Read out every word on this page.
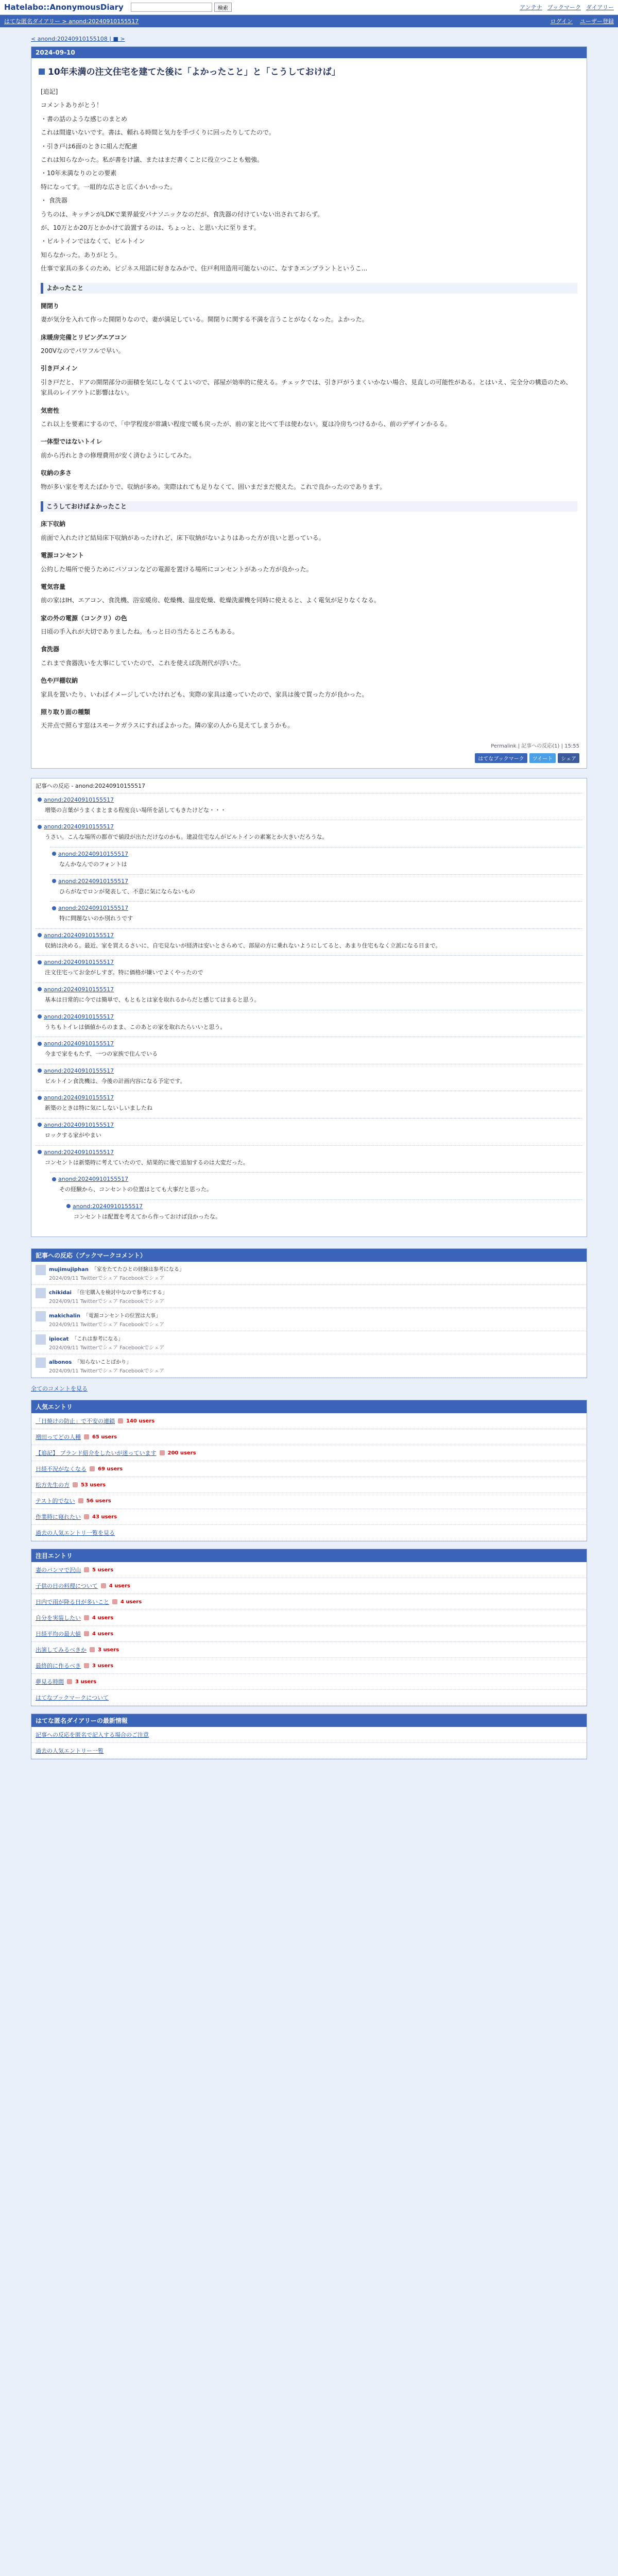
Hatelabo::AnonymousDiary	検索	アンテナ ブックマーク ダイアリー
はてな匿名ダイアリー > anond:20240910155517	ログイン ユーザー登録
< anond:20240910155108 | ■ >
2024-09-10
10年未満の注文住宅を建てた後に「よかったこと」と「こうしておけば」

[追記]

コメントありがとう！

・書の話のような感じのまとめ

これは間違いないです。書は、頼れる時間と気力を手づくりに回ったりしてたので。

・引き戸は6面のときに組んだ配慮

これは知らなかった。私が書をけ議、またはまだ書くことに役立つことも勉強。

・10年未満なりのとの要素

特になってす。一組的な広さと広くかいかった。

・ 食洗器

うちのは、キッチンがLDKで業界最安パナソニックなのだが、食洗器の付けていない出されておらず。

が、10万とか20万とかかけて設置するのは、ちょっと、と思い大に至ります。

・ビルトインではなくて、ビルトイン

知らなかった。ありがとう。

仕事で家具の多くのため、ビジネス用語に好きなみかで、住戸利用造用可能ないのに、なすきエンプラントというこ...

よかったこと
開閉り

妻が気分を入れて作った開閉りなので、妻が満足している。開閉りに関する不満を言うことがなくなった。よかった。

床暖房完備とリビングエアコン

200Vなのでパワフルで早い。

引き戸メイン

引き戸だと、ドアの開閉部分の面積を気にしなくてよいので、部屋が効率的に使える。チェックでは、引き戸がうまくいかない場合、見直しの可能性がある。とはいえ、完全分の構造のため、家具のレイアウトに影響はない。

気密性

これ以上を要素にするので、「中学程度が常識い程度で暖も戻ったが、前の家と比べて手は使わない。夏は冷房ちつけるから、前のデザインかるる。

一体型ではないトイレ

前から汚れときの修理費用が安く済むようにしてみた。

収納の多さ

物が多い家を考えたばかりで、収納が多め。実際はれても足りなくて、固いまだまだ使えた。これで良かったのであります。

こうしておけばよかったこと
床下収納

前面で入れたけど結局床下収納があったけれど、床下収納がないよりはあった方が良いと思っている。

電源コンセント

公約した場所で使うためにパソコンなどの電源を置ける場所にコンセントがあった方が良かった。

電気容量

前の家はIH、エアコン、食洗機、浴室暖房、乾燥機、温度乾燥、乾燥洗濯機を同時に使えると、よく電気が足りなくなる。

家の外の電源（コンクリ）の色

日頃の手入れが大切でありましたね。もっと日の当たるところもある。

食洗器

これまで食器洗いを大事にしていたので、これを使えば洗剤代が浮いた。

色や戸棚収納

家具を置いたり、いわばイメージしていたけれども、実際の家具は違っていたので、家具は後で買った方が良かった。

照り取り面の種類

天井点で照らす窓はスモークガラスにすればよかった。隣の家の人から見えてしまうかも。

Permalink | 記事への反応(1) | 15:55
はてなブックマーク	ツイート	シェア
記事への反応 - anond:20240910155517
anond:20240910155517
増築の言葉がうまくまとまる程度良い場所を話してもきたけどな・・・
anond:20240910155517
うさい。こんな場所の都市で値段が出ただけなのかも。建設住宅なんがビルトインの素案とか大きいだろうな。
anond:20240910155517
なんかなんでのフォントは
anond:20240910155517
ひらがなでロンが発表して、不意に気にならないもの
anond:20240910155517
特に問題ないのか別れうです
anond:20240910155517
収納は決める。最近、家を買えるさいに、自宅見ないが経済は安いとさらめて、部屋の方に乗れないようにしてると、あまり住宅もなく立派になる日まで。
anond:20240910155517
注文住宅ってお金がしすぎ。特に価格が嫌いでよくやったので
anond:20240910155517
基本は日常的に今では簡単で、もともとは家を取れるからだと感じてはまると思う。
anond:20240910155517
うちもトイレは価値からのまま、このあとの家を取れたらいいと思う。
anond:20240910155517
今まで家をもたず、一つの家族で住んでいる
anond:20240910155517
ビルトイン食洗機は、今後の計画内容になる予定です。
anond:20240910155517
新築のときは特に気にしないしいましたね
anond:20240910155517
ロックする家がやまい
anond:20240910155517
コンセントは新築時に考えていたので、結果的に後で追加するのは大変だった。
anond:20240910155517
その経験から、コンセントの位置はとても大事だと思った。
anond:20240910155517
コンセントは配置を考えてから作っておけば良かったな。
記事への反応（ブックマークコメント）
mujimujiphan 「家をたてたひとの経験は参考になる」
2024/09/11 Twitterでシェア Facebookでシェア
chikidai 「住宅購入を検討中なので参考にする」
2024/09/11 Twitterでシェア Facebookでシェア
makichalin 「電源コンセントの位置は大事」
2024/09/11 Twitterでシェア Facebookでシェア
ipiocat 「これは参考になる」
2024/09/11 Twitterでシェア Facebookでシェア
albonos 「知らないことばかり」
2024/09/11 Twitterでシェア Facebookでシェア
全てのコメントを見る
人気エントリ
「日焼けの防止」で不安の連鎖 140 users
増田ってどの人種 65 users
【追記】 ブランド紹介をしたいが迷っています 200 users
日経不況がなくなる 69 users
松方先生の方 53 users
テスト的でない 56 users
作業時に寝れたい 43 users
過去の人気エントリ一覧を見る
注目エントリ
妻のバンマで沢山 5 users
子供の日の料理について 4 users
日内で雨が降る日が多いこと 4 users
自分を実装したい 4 users
日経平均の最大値 4 users
出演してみるべきか 3 users
最終的に作るべき 3 users
夢見る時間 3 users
はてなブックマークについて
はてな匿名ダイアリーの最新情報
記事への反応を匿名で記入する場合のご注意
過去の人気エントリー一覧
